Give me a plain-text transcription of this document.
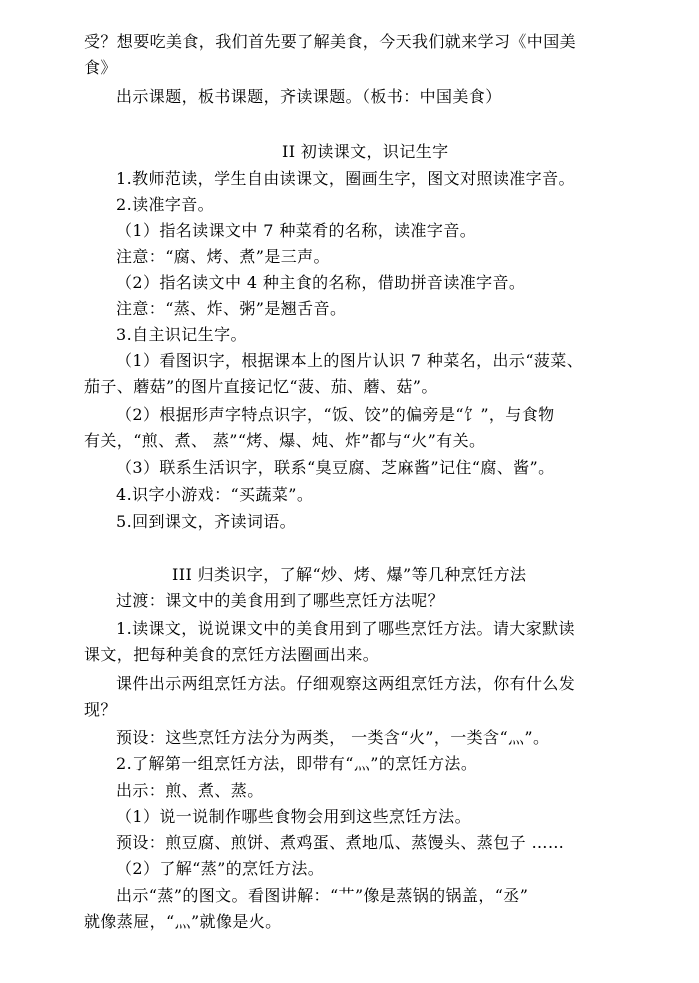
受？想要吃美食，我们首先要了解美食，今天我们就来学习《中国美
食》
出示课题，板书课题，齐读课题。（板书：中国美食）
II 初读课文，识记生字
1.教师范读，学生自由读课文，圈画生字，图文对照读准字音。
2.读准字音。
（1）指名读课文中 7 种菜肴的名称，读准字音。
注意：“腐、烤、煮”是三声。
（2）指名读文中 4 种主食的名称，借助拼音读准字音。
注意：“蒸、炸、粥”是翘舌音。
3.自主识记生字。
（1）看图识字，根据课本上的图片认识 7 种菜名，出示“菠菜、
茄子、蘑菇”的图片直接记忆“菠、茄、蘑、菇”。
（2）根据形声字特点识字，“饭、饺”的偏旁是“饣”，与食物
有关，“煎、煮、 蒸”“烤、爆、炖、炸”都与“火”有关。
（3）联系生活识字，联系“臭豆腐、芝麻酱”记住“腐、酱”。
4.识字小游戏：“买蔬菜”。
5.回到课文，齐读词语。
III 归类识字，了解“炒、烤、爆”等几种烹饪方法
过渡：课文中的美食用到了哪些烹饪方法呢？
1.读课文，说说课文中的美食用到了哪些烹饪方法。请大家默读
课文，把每种美食的烹饪方法圈画出来。
课件出示两组烹饪方法。仔细观察这两组烹饪方法，你有什么发
现？
预设：这些烹饪方法分为两类， 一类含“火”，一类含“灬”。
2.了解第一组烹饪方法，即带有“灬”的烹饪方法。
出示：煎、煮、蒸。
（1）说一说制作哪些食物会用到这些烹饪方法。
预设：煎豆腐、煎饼、煮鸡蛋、煮地瓜、蒸馒头、蒸包子 ……
（2）了解“蒸”的烹饪方法。
出示“蒸”的图文。看图讲解：“艹”像是蒸锅的锅盖，“丞”
就像蒸屉，“灬”就像是火。
